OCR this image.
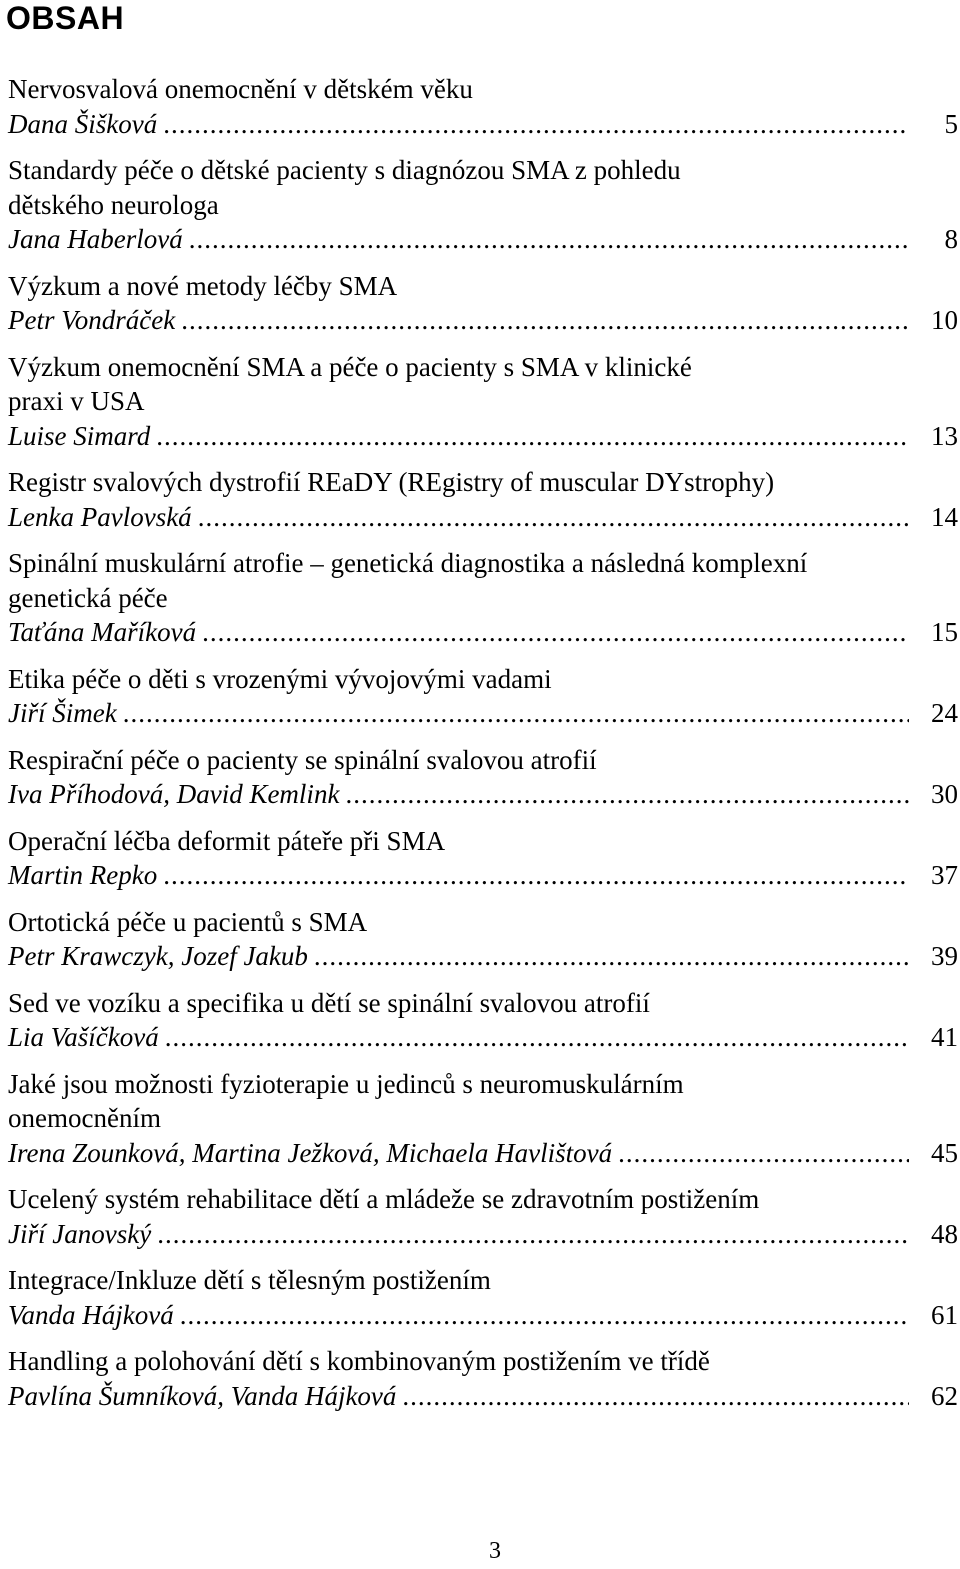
OBSAH
Nervosvalová onemocnění v dětském věku
Dana Šišková .....	5
Standardy péče o dětské pacienty s diagnózou SMA z pohledu
dětského neurologa
Jana Haberlová .....	8
Výzkum a nové metody léčby SMA
Petr Vondráček .....	10
Výzkum onemocnění SMA a péče o pacienty s SMA v klinické
praxi v USA
Luise Simard .....	13
Registr svalových dystrofií REaDY (REgistry of muscular DYstrophy)
Lenka Pavlovská .....	14
Spinální muskulární atrofie – genetická diagnostika a následná komplexní
genetická péče
Taťána Maříková .....	15
Etika péče o děti s vrozenými vývojovými vadami
Jiří Šimek .....	24
Respirační péče o pacienty se spinální svalovou atrofií
Iva Příhodová, David Kemlink .....	30
Operační léčba deformit páteře při SMA
Martin Repko .....	37
Ortotická péče u pacientů s SMA
Petr Krawczyk, Jozef Jakub .....	39
Sed ve vozíku a specifika u dětí se spinální svalovou atrofií
Lia Vašíčková .....	41
Jaké jsou možnosti fyzioterapie u jedinců s neuromuskulárním
onemocněním
Irena Zounková, Martina Ježková, Michaela Havlištová .....	45
Ucelený systém rehabilitace dětí a mládeže se zdravotním postižením
Jiří Janovský .....	48
Integrace/Inkluze dětí s tělesným postižením
Vanda Hájková .....	61
Handling a polohování dětí s kombinovaným postižením ve třídě
Pavlína Šumníková, Vanda Hájková .....	62
3
